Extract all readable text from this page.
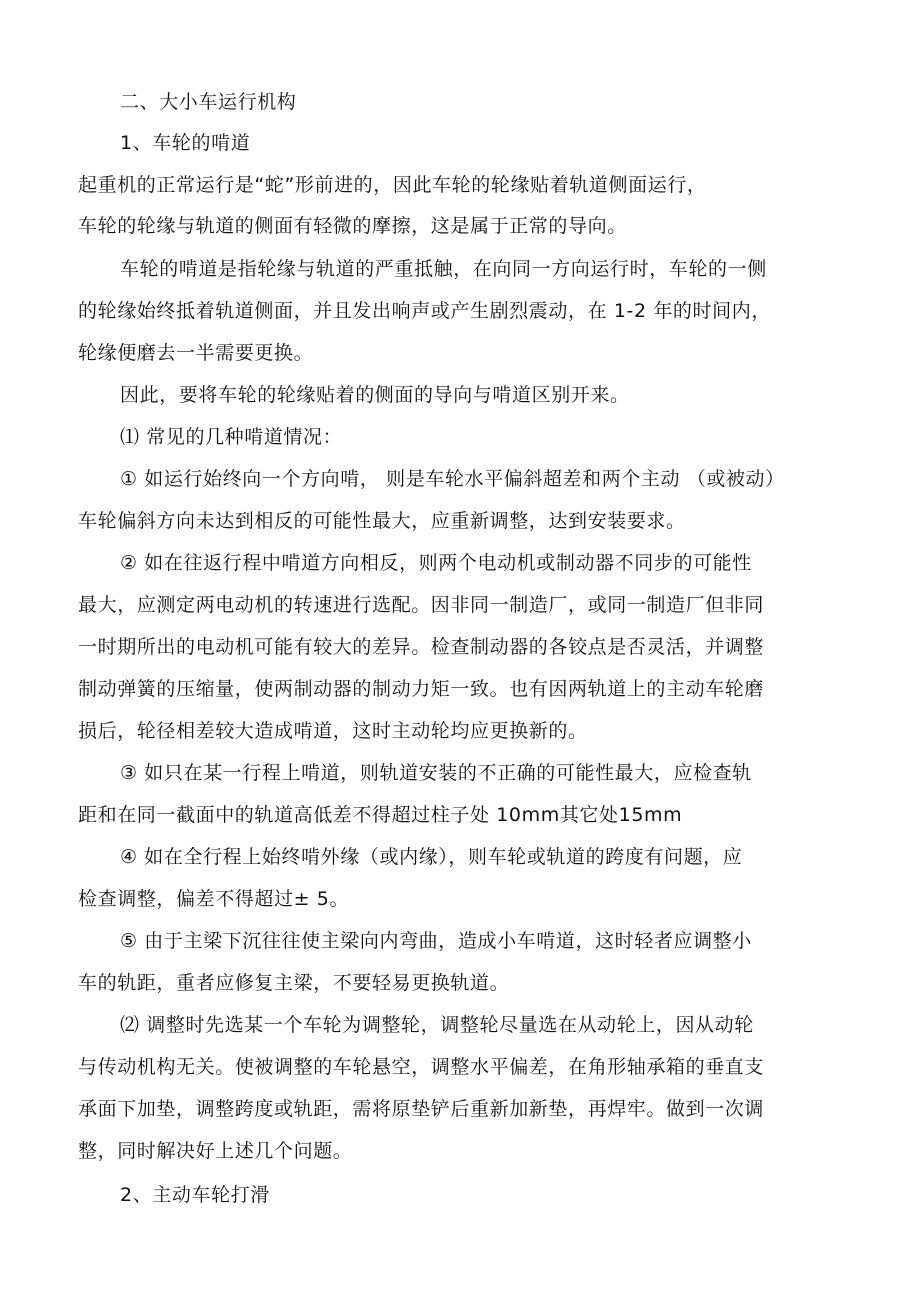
二、大小车运行机构
1、车轮的啃道
起重机的正常运行是“蛇”形前进的，因此车轮的轮缘贴着轨道侧面运行，
车轮的轮缘与轨道的侧面有轻微的摩擦，这是属于正常的导向。
车轮的啃道是指轮缘与轨道的严重抵触，在向同一方向运行时，车轮的一侧
的轮缘始终抵着轨道侧面，并且发出响声或产生剧烈震动，在 1-2 年的时间内，
轮缘便磨去一半需要更换。
因此，要将车轮的轮缘贴着的侧面的导向与啃道区别开来。
⑴ 常见的几种啃道情况：
① 如运行始终向一个方向啃， 则是车轮水平偏斜超差和两个主动 （或被动）
车轮偏斜方向未达到相反的可能性最大，应重新调整，达到安装要求。
② 如在往返行程中啃道方向相反，则两个电动机或制动器不同步的可能性
最大，应测定两电动机的转速进行选配。因非同一制造厂，或同一制造厂但非同
一时期所出的电动机可能有较大的差异。检查制动器的各铰点是否灵活，并调整
制动弹簧的压缩量，使两制动器的制动力矩一致。也有因两轨道上的主动车轮磨
损后，轮径相差较大造成啃道，这时主动轮均应更换新的。
③ 如只在某一行程上啃道，则轨道安装的不正确的可能性最大，应检查轨
距和在同一截面中的轨道高低差不得超过柱子处 10mm其它处15mm
④ 如在全行程上始终啃外缘（或内缘），则车轮或轨道的跨度有问题，应
检查调整，偏差不得超过± 5。
⑤ 由于主梁下沉往往使主梁向内弯曲，造成小车啃道，这时轻者应调整小
车的轨距，重者应修复主梁，不要轻易更换轨道。
⑵ 调整时先选某一个车轮为调整轮，调整轮尽量选在从动轮上，因从动轮
与传动机构无关。使被调整的车轮悬空，调整水平偏差，在角形轴承箱的垂直支
承面下加垫，调整跨度或轨距，需将原垫铲后重新加新垫，再焊牢。做到一次调
整，同时解决好上述几个问题。
2、主动车轮打滑
